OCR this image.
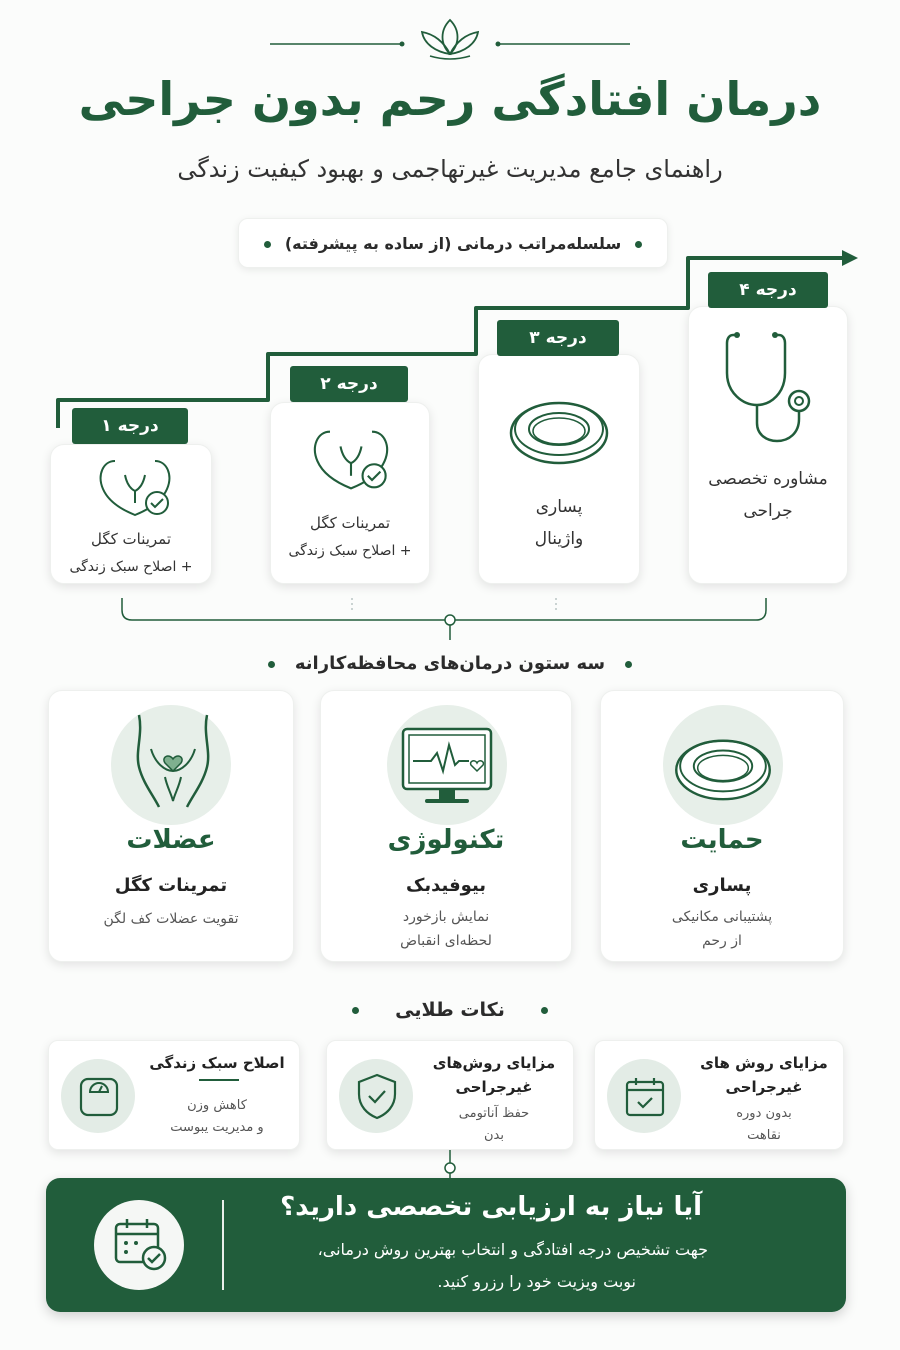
درمان افتادگی رحم بدون جراحی
راهنمای جامع مدیریت غیرتهاجمی و بهبود کیفیت زندگی
سلسله‌مراتب درمانی (از ساده به پیشرفته)
تمرینات کگل
+ اصلاح سبک زندگی
درجه ۱
تمرینات کگل
+ اصلاح سبک زندگی
درجه ۲
پساری
واژینال
درجه ۳
مشاوره تخصصی
جراحی
درجه ۴
سه ستون درمان‌های محافظه‌کارانه
حمایت
پساری
پشتیبانی مکانیکی
از رحم
تکنولوژی
بیوفیدبک
نمایش بازخورد
لحظه‌ای انقباض
عضلات
تمرینات کگل
تقویت عضلات کف لگن
نکات طلایی
مزایای روش های
غیرجراحی
بدون دوره
نقاهت
مزایای روش‌های
غیرجراحی
حفظ آناتومی
بدن
اصلاح سبک زندگی
کاهش وزن
و مدیریت یبوست
آیا نیاز به ارزیابی تخصصی دارید؟
جهت تشخیص درجه افتادگی و انتخاب بهترین روش درمانی،
نوبت ویزیت خود را رزرو کنید.
